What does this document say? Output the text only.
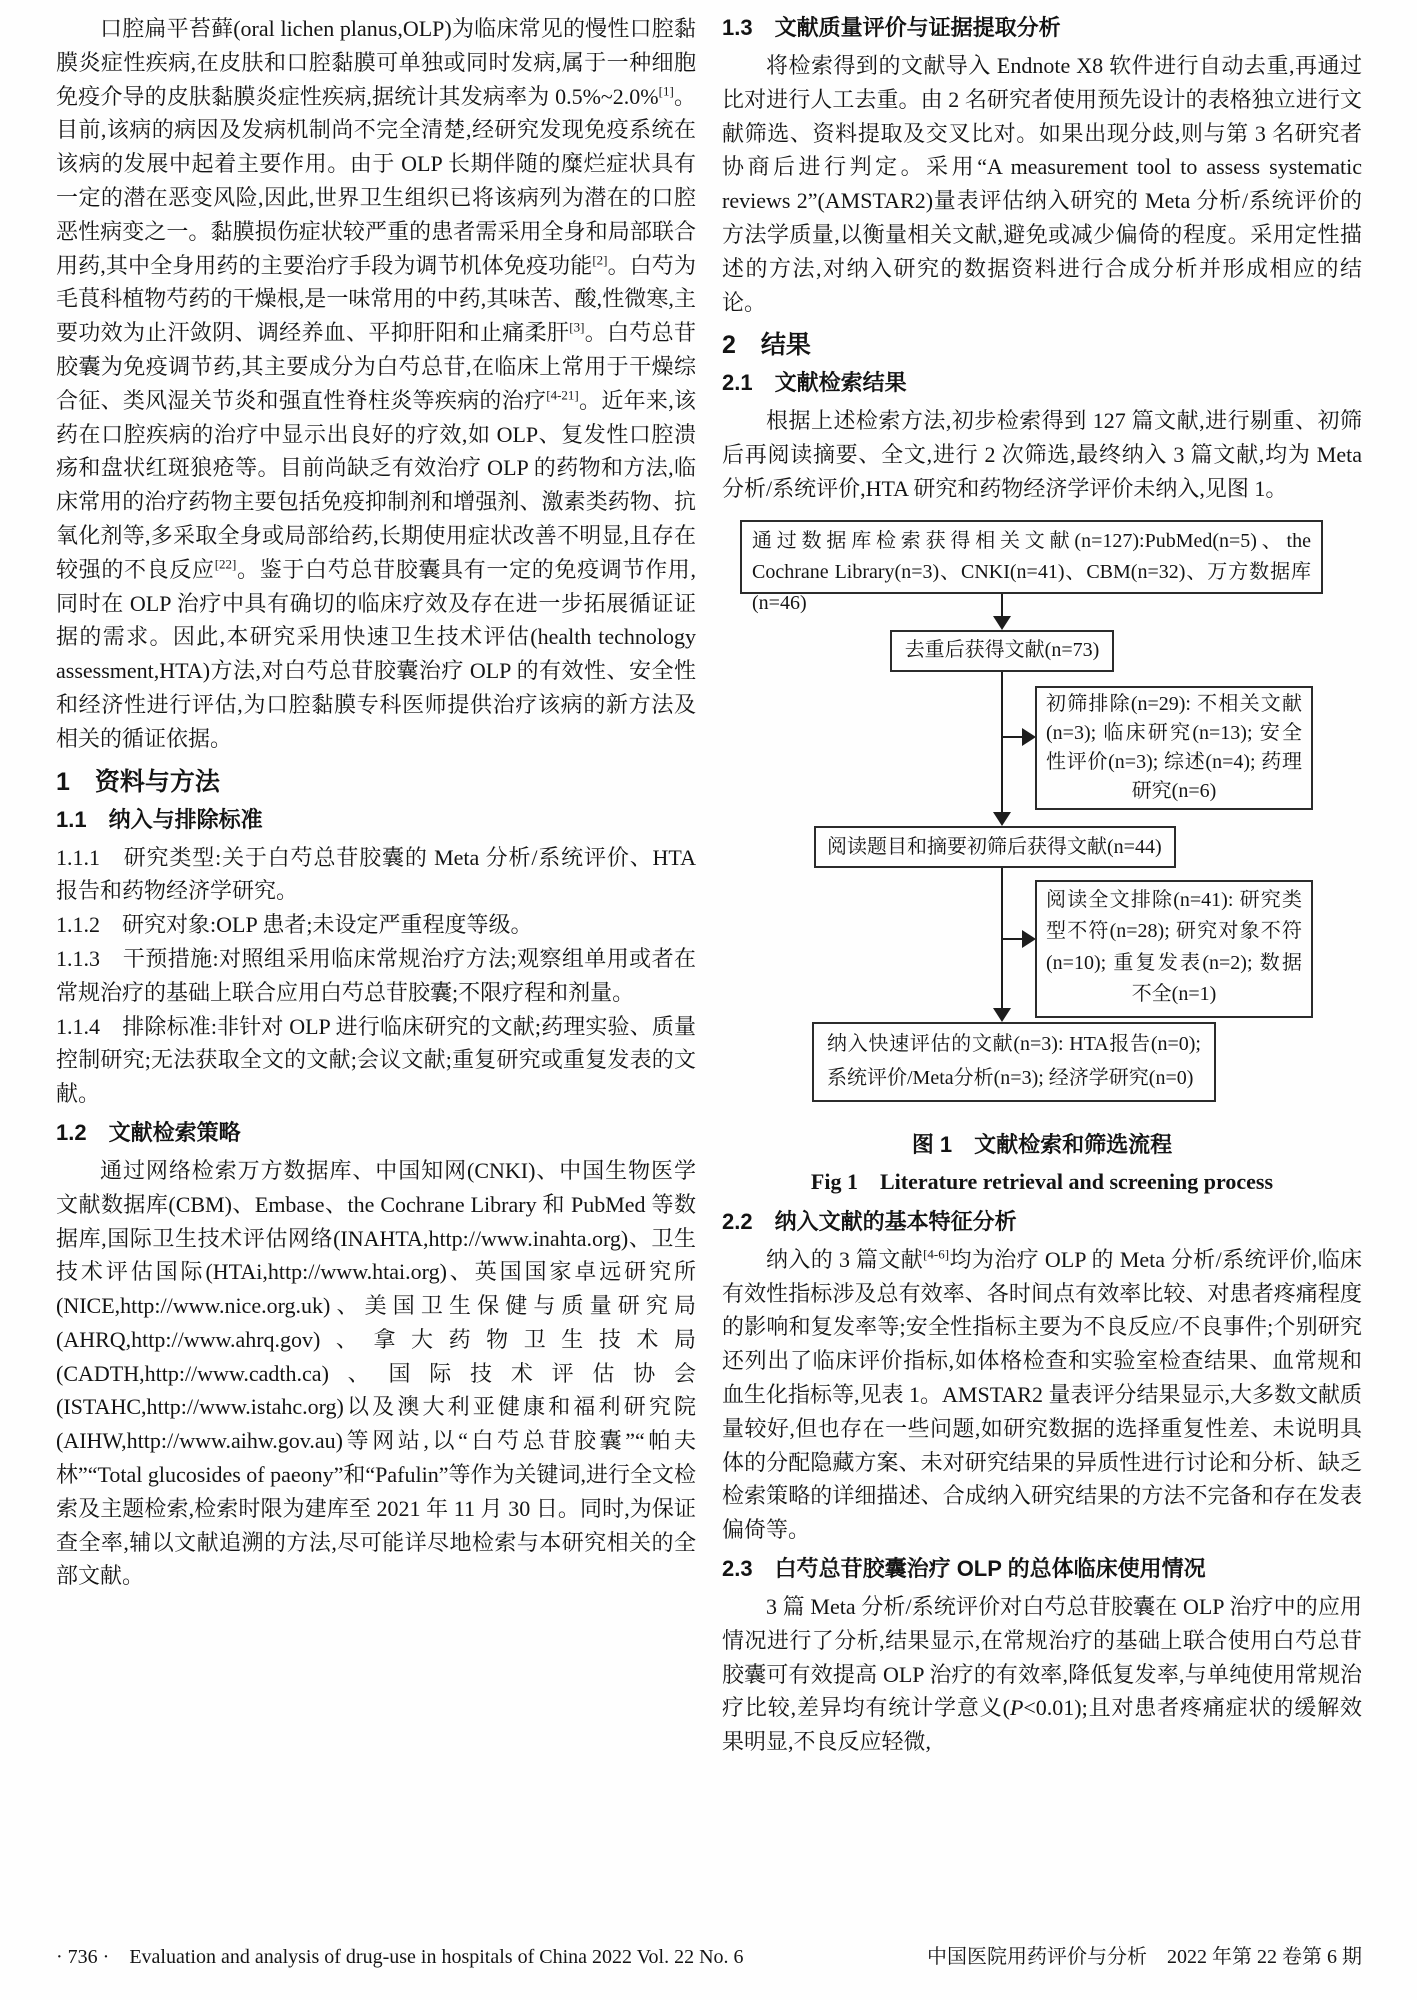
口腔扁平苔藓(oral lichen planus,OLP)为临床常见的慢性口腔黏膜炎症性疾病,在皮肤和口腔黏膜可单独或同时发病,属于一种细胞免疫介导的皮肤黏膜炎症性疾病,据统计其发病率为 0.5%~2.0%[1]。目前,该病的病因及发病机制尚不完全清楚,经研究发现免疫系统在该病的发展中起着主要作用。由于 OLP 长期伴随的糜烂症状具有一定的潜在恶变风险,因此,世界卫生组织已将该病列为潜在的口腔恶性病变之一。黏膜损伤症状较严重的患者需采用全身和局部联合用药,其中全身用药的主要治疗手段为调节机体免疫功能[2]。白芍为毛茛科植物芍药的干燥根,是一味常用的中药,其味苦、酸,性微寒,主要功效为止汗敛阴、调经养血、平抑肝阳和止痛柔肝[3]。白芍总苷胶囊为免疫调节药,其主要成分为白芍总苷,在临床上常用于干燥综合征、类风湿关节炎和强直性脊柱炎等疾病的治疗[4-21]。近年来,该药在口腔疾病的治疗中显示出良好的疗效,如 OLP、复发性口腔溃疡和盘状红斑狼疮等。目前尚缺乏有效治疗 OLP 的药物和方法,临床常用的治疗药物主要包括免疫抑制剂和增强剂、激素类药物、抗氧化剂等,多采取全身或局部给药,长期使用症状改善不明显,且存在较强的不良反应[22]。鉴于白芍总苷胶囊具有一定的免疫调节作用,同时在 OLP 治疗中具有确切的临床疗效及存在进一步拓展循证证据的需求。因此,本研究采用快速卫生技术评估(health technology assessment,HTA)方法,对白芍总苷胶囊治疗 OLP 的有效性、安全性和经济性进行评估,为口腔黏膜专科医师提供治疗该病的新方法及相关的循证依据。

1　资料与方法
1.1　纳入与排除标准

1.1.1　研究类型:关于白芍总苷胶囊的 Meta 分析/系统评价、HTA 报告和药物经济学研究。

1.1.2　研究对象:OLP 患者;未设定严重程度等级。

1.1.3　干预措施:对照组采用临床常规治疗方法;观察组单用或者在常规治疗的基础上联合应用白芍总苷胶囊;不限疗程和剂量。

1.1.4　排除标准:非针对 OLP 进行临床研究的文献;药理实验、质量控制研究;无法获取全文的文献;会议文献;重复研究或重复发表的文献。

1.2　文献检索策略

通过网络检索万方数据库、中国知网(CNKI)、中国生物医学文献数据库(CBM)、Embase、the Cochrane Library 和 PubMed 等数据库,国际卫生技术评估网络(INAHTA,http://www.inahta.org)、卫生技术评估国际(HTAi,http://www.htai.org)、英国国家卓远研究所(NICE,http://www.nice.org.uk)、美国卫生保健与质量研究局(AHRQ,http://www.ahrq.gov)、拿大药物卫生技术局(CADTH,http://www.cadth.ca)、国际技术评估协会(ISTAHC,http://www.istahc.org)以及澳大利亚健康和福利研究院(AIHW,http://www.aihw.gov.au)等网站,以“白芍总苷胶囊”“帕夫林”“Total glucosides of paeony”和“Pafulin”等作为关键词,进行全文检索及主题检索,检索时限为建库至 2021 年 11 月 30 日。同时,为保证查全率,辅以文献追溯的方法,尽可能详尽地检索与本研究相关的全部文献。

1.3　文献质量评价与证据提取分析

将检索得到的文献导入 Endnote X8 软件进行自动去重,再通过比对进行人工去重。由 2 名研究者使用预先设计的表格独立进行文献筛选、资料提取及交叉比对。如果出现分歧,则与第 3 名研究者协商后进行判定。采用“A measurement tool to assess systematic reviews 2”(AMSTAR2)量表评估纳入研究的 Meta 分析/系统评价的方法学质量,以衡量相关文献,避免或减少偏倚的程度。采用定性描述的方法,对纳入研究的数据资料进行合成分析并形成相应的结论。

2　结果
2.1　文献检索结果

根据上述检索方法,初步检索得到 127 篇文献,进行剔重、初筛后再阅读摘要、全文,进行 2 次筛选,最终纳入 3 篇文献,均为 Meta 分析/系统评价,HTA 研究和药物经济学评价未纳入,见图 1。

通过数据库检索获得相关文献(n=127):PubMed(n=5)、the Cochrane Library(n=3)、CNKI(n=41)、CBM(n=32)、万方数据库(n=46)
去重后获得文献(n=73)
初筛排除(n=29): 不相关文献(n=3); 临床研究(n=13); 安全性评价(n=3); 综述(n=4); 药理研究(n=6)
阅读题目和摘要初筛后获得文献(n=44)
阅读全文排除(n=41): 研究类型不符(n=28); 研究对象不符(n=10); 重复发表(n=2); 数据不全(n=1)
纳入快速评估的文献(n=3): HTA报告(n=0); 系统评价/Meta分析(n=3); 经济学研究(n=0)
图 1　文献检索和筛选流程
Fig 1　Literature retrieval and screening process
2.2　纳入文献的基本特征分析

纳入的 3 篇文献[4-6]均为治疗 OLP 的 Meta 分析/系统评价,临床有效性指标涉及总有效率、各时间点有效率比较、对患者疼痛程度的影响和复发率等;安全性指标主要为不良反应/不良事件;个别研究还列出了临床评价指标,如体格检查和实验室检查结果、血常规和血生化指标等,见表 1。AMSTAR2 量表评分结果显示,大多数文献质量较好,但也存在一些问题,如研究数据的选择重复性差、未说明具体的分配隐藏方案、未对研究结果的异质性进行讨论和分析、缺乏检索策略的详细描述、合成纳入研究结果的方法不完备和存在发表偏倚等。

2.3　白芍总苷胶囊治疗 OLP 的总体临床使用情况

3 篇 Meta 分析/系统评价对白芍总苷胶囊在 OLP 治疗中的应用情况进行了分析,结果显示,在常规治疗的基础上联合使用白芍总苷胶囊可有效提高 OLP 治疗的有效率,降低复发率,与单纯使用常规治疗比较,差异均有统计学意义(P<0.01);且对患者疼痛症状的缓解效果明显,不良反应轻微,

· 736 ·　Evaluation and analysis of drug-use in hospitals of China 2022 Vol. 22 No. 6	中国医院用药评价与分析　2022 年第 22 卷第 6 期
